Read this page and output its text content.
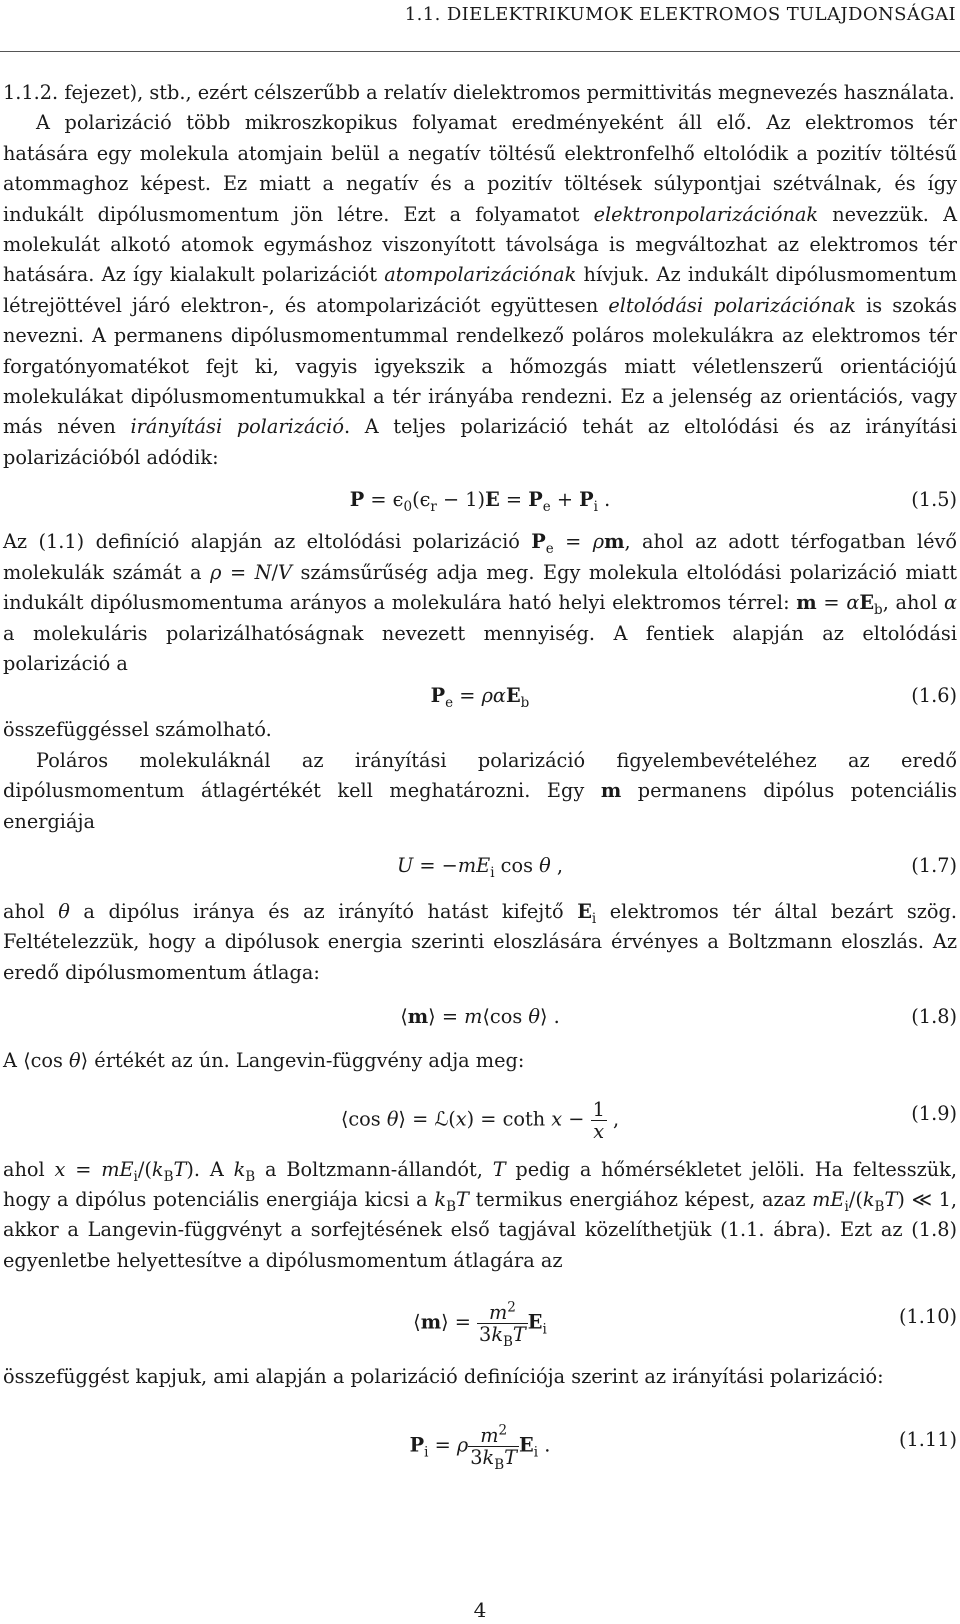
1.1. DIELEKTRIKUMOK ELEKTROMOS TULAJDONSÁGAI

1.1.2. fejezet), stb., ezért célszerűbb a relatív dielektromos permittivitás megnevezés használata.

A polarizáció több mikroszkopikus folyamat eredményeként áll elő. Az elektromos tér hatására egy molekula atomjain belül a negatív töltésű elektronfelhő eltolódik a pozitív töltésű atommaghoz képest. Ez miatt a negatív és a pozitív töltések súlypontjai szétválnak, és így indukált dipólusmomentum jön létre. Ezt a folyamatot elektronpolarizációnak nevezzük. A molekulát alkotó atomok egymáshoz viszonyított távolsága is megváltozhat az elektromos tér hatására. Az így kialakult polarizációt atompolarizációnak hívjuk. Az indukált dipólusmomentum létrejöttével járó elektron-, és atompolarizációt együttesen eltolódási polarizációnak is szokás nevezni. A permanens dipólusmomentummal rendelkező poláros molekulákra az elektromos tér forgatónyomatékot fejt ki, vagyis igyekszik a hőmozgás miatt véletlenszerű orientációjú molekulákat dipólusmomentumukkal a tér irányába rendezni. Ez a jelenség az orientációs, vagy más néven irányítási polarizáció. A teljes polarizáció tehát az eltolódási és az irányítási polarizációból adódik:

$P = \epsilon_0(\epsilon_r - 1)E = P_e + P_i$ .	(1.5)

Az (1.1) definíció alapján az eltolódási polarizáció $P_e = \rho m$, ahol az adott térfogatban lévő molekulák számát a ρ = N/V számsűrűség adja meg. Egy molekula eltolódási polarizáció miatt indukált dipólusmomentuma arányos a molekulára ható helyi elektromos térrel: $m = \alpha E_b$, ahol α a molekuláris polarizálhatóságnak nevezett mennyiség. A fentiek alapján az eltolódási polarizáció a

$P_e = \rho\alpha E_b$	(1.6)

összefüggéssel számolható.

Poláros molekuláknál az irányítási polarizáció figyelembevételéhez az eredő dipólusmomentum átlagértékét kell meghatározni. Egy m permanens dipólus potenciális energiája

$U = -mE_i$ cos θ ,	(1.7)

ahol θ a dipólus iránya és az irányító hatást kifejtő $E_i$ elektromos tér által bezárt szög. Feltételezzük, hogy a dipólusok energia szerinti eloszlására érvényes a Boltzmann eloszlás. Az eredő dipólusmomentum átlaga:

⟨m⟩ = m⟨cos θ⟩ .	(1.8)

A ⟨cos θ⟩ értékét az ún. Langevin-függvény adja meg:

⟨cos θ⟩ = ℒ(x) = coth $x - \frac{1}{x}$ ,	(1.9)

ahol $x = mE_i/(k_BT)$. A $k_B$ a Boltzmann-állandót, T pedig a hőmérsékletet jelöli. Ha feltesszük, hogy a dipólus potenciális energiája kicsi a $k_BT$ termikus energiához képest, azaz $mE_i/(k_BT)$ ≪ 1, akkor a Langevin-függvényt a sorfejtésének első tagjával közelíthetjük (1.1. ábra). Ezt az (1.8) egyenletbe helyettesítve a dipólusmomentum átlagára az

⟨m⟩ = $\frac{m^2}{3k_BT} E_i$
(1.10)

összefüggést kapjuk, ami alapján a polarizáció definíciója szerint az irányítási polarizáció:

$P_i = \rho \frac{m^2}{3k_BT} E_i$ .	(1.11)
4
